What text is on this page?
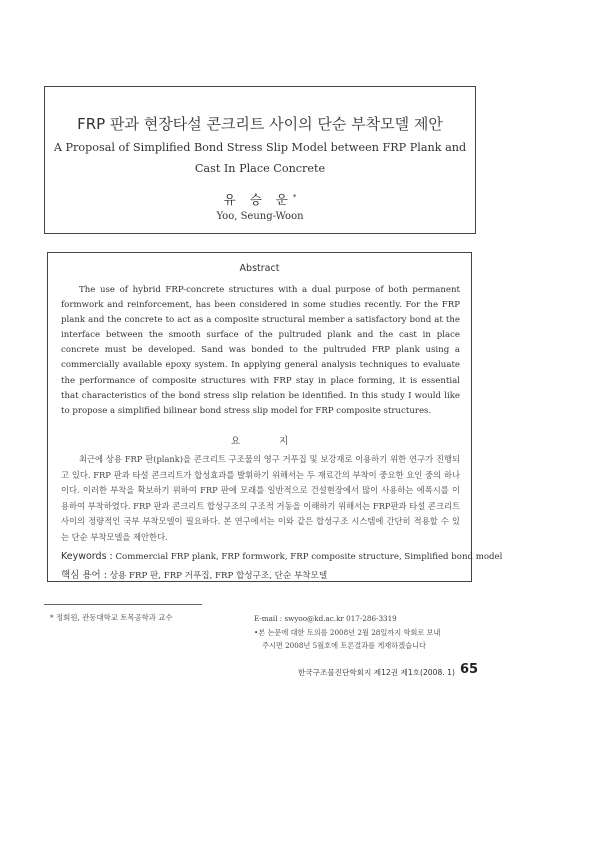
FRP 판과 현장타설 콘크리트 사이의 단순 부착모델 제안
A Proposal of Simplified Bond Stress Slip Model between FRP Plank and
Cast In Place Concrete
유 승 운*
Yoo, Seung-Woon
Abstract

The use of hybrid FRP-concrete structures with a dual purpose of both permanent formwork and reinforcement, has been considered in some studies recently. For the FRP plank and the concrete to act as a composite structural member a satisfactory bond at the interface between the smooth surface of the pultruded plank and the cast in place concrete must be developed. Sand was bonded to the pultruded FRP plank using a commercially available epoxy system. In applying general analysis techniques to evaluate the performance of composite structures with FRP stay in place forming, it is essential that characteristics of the bond stress slip relation be identified. In this study I would like to propose a simplified bilinear bond stress slip model for FRP composite structures.

요 지

최근에 상용 FRP 판(plank)을 콘크리트 구조물의 영구 거푸집 및 보강재로 이용하기 위한 연구가 진행되고 있다. FRP 판과 타설 콘크리트가 합성효과를 발휘하기 위해서는 두 재료간의 부착이 중요한 요인 중의 하나이다. 이러한 부착을 확보하기 위하여 FRP 판에 모래를 일반적으로 건설현장에서 많이 사용하는 에폭시를 이용하여 부착하였다. FRP 판과 콘크리트 합성구조의 구조적 거동을 이해하기 위해서는 FRP판과 타설 콘크리트 사이의 정량적인 국부 부착모델이 필요하다. 본 연구에서는 이와 같은 합성구조 시스템에 간단히 적용할 수 있는 단순 부착모델을 제안한다.

Keywords : Commercial FRP plank, FRP formwork, FRP composite structure, Simplified bond model
핵심 용어 : 상용 FRP 판, FRP 거푸집, FRP 합성구조, 단순 부착모델
* 정회원, 관동대학교 토목공학과 교수	E-mail : swyoo@kd.ac.kr 017-286-3319
•본 논문에 대한 토의를 2008년 2월 28일까지 학회로 보내
주시면 2008년 5월호에 토론결과를 게재하겠습니다
한국구조물진단학회지 제12권 제1호(2008. 1) 65
